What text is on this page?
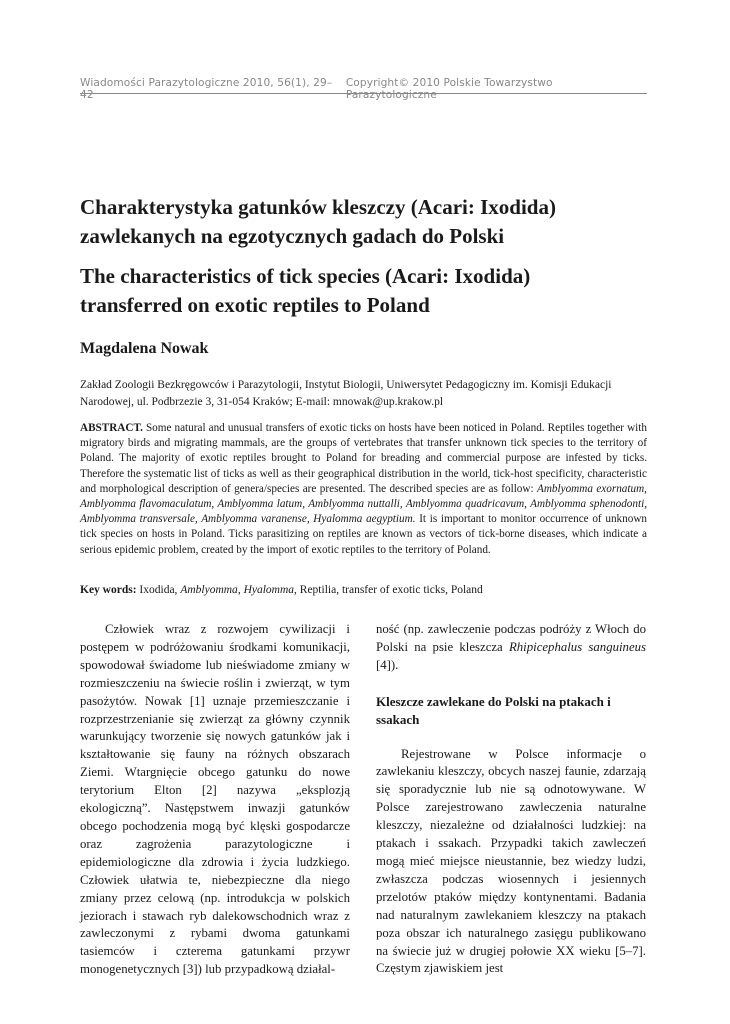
Wiadomości Parazytologiczne 2010, 56(1), 29–42
Copyright© 2010 Polskie Towarzystwo Parazytologiczne
Charakterystyka gatunków kleszczy (Acari: Ixodida)
zawlekanych na egzotycznych gadach do Polski
The characteristics of tick species (Acari: Ixodida)
transferred on exotic reptiles to Poland
Magdalena Nowak
Zakład Zoologii Bezkręgowców i Parazytologii, Instytut Biologii, Uniwersytet Pedagogiczny im. Komisji Edukacji Narodowej, ul. Podbrzezie 3, 31-054 Kraków; E-mail: mnowak@up.krakow.pl

ABSTRACT. Some natural and unusual transfers of exotic ticks on hosts have been noticed in Poland. Reptiles together with migratory birds and migrating mammals, are the groups of vertebrates that transfer unknown tick species to the territory of Poland. The majority of exotic reptiles brought to Poland for breading and commercial purpose are infested by ticks. Therefore the systematic list of ticks as well as their geographical distribution in the world, tick-host specificity, characteristic and morphological description of genera/species are presented. The described species are as follow: Amblyomma exornatum, Amblyomma flavomaculatum, Amblyomma latum, Amblyomma nuttalli, Amblyomma quadricavum, Amblyomma sphenodonti, Amblyomma transversale, Amblyomma varanense, Hyalomma aegyptium. It is important to monitor occurrence of unknown tick species on hosts in Poland. Ticks parasitizing on reptiles are known as vectors of tick-borne diseases, which indicate a serious epidemic problem, created by the import of exotic reptiles to the territory of Poland.

Key words: Ixodida, Amblyomma, Hyalomma, Reptilia, transfer of exotic ticks, Poland

Człowiek wraz z rozwojem cywilizacji i postępem w podróżowaniu środkami komunikacji, spowodował świadome lub nieświadome zmiany w rozmieszczeniu na świecie roślin i zwierząt, w tym pasożytów. Nowak [1] uznaje przemieszczanie i rozprzestrzenianie się zwierząt za główny czynnik warunkujący tworzenie się nowych gatunków jak i kształtowanie się fauny na różnych obszarach Ziemi. Wtargnięcie obcego gatunku do nowe terytorium Elton [2] nazywa „eksplozją ekologiczną”. Następstwem inwazji gatunków obcego pochodzenia mogą być klęski gospodarcze oraz zagrożenia parazytologiczne i epidemiologiczne dla zdrowia i życia ludzkiego. Człowiek ułatwia te, niebezpieczne dla niego zmiany przez celową (np. introdukcja w polskich jeziorach i stawach ryb dalekowschodnich wraz z zawleczonymi z rybami dwoma gatunkami tasiemców i czterema gatunkami przywr monogenetycznych [3]) lub przypadkową działal-

ność (np. zawleczenie podczas podróży z Włoch do Polski na psie kleszcza Rhipicephalus sanguineus [4]).

Kleszcze zawlekane do Polski na ptakach i ssakach

Rejestrowane w Polsce informacje o zawlekaniu kleszczy, obcych naszej faunie, zdarzają się sporadycznie lub nie są odnotowywane. W Polsce zarejestrowano zawleczenia naturalne kleszczy, niezależne od działalności ludzkiej: na ptakach i ssakach. Przypadki takich zawleczeń mogą mieć miejsce nieustannie, bez wiedzy ludzi, zwłaszcza podczas wiosennych i jesiennych przelotów ptaków między kontynentami. Badania nad naturalnym zawlekaniem kleszczy na ptakach poza obszar ich naturalnego zasięgu publikowano na świecie już w drugiej połowie XX wieku [5–7]. Częstym zjawiskiem jest
